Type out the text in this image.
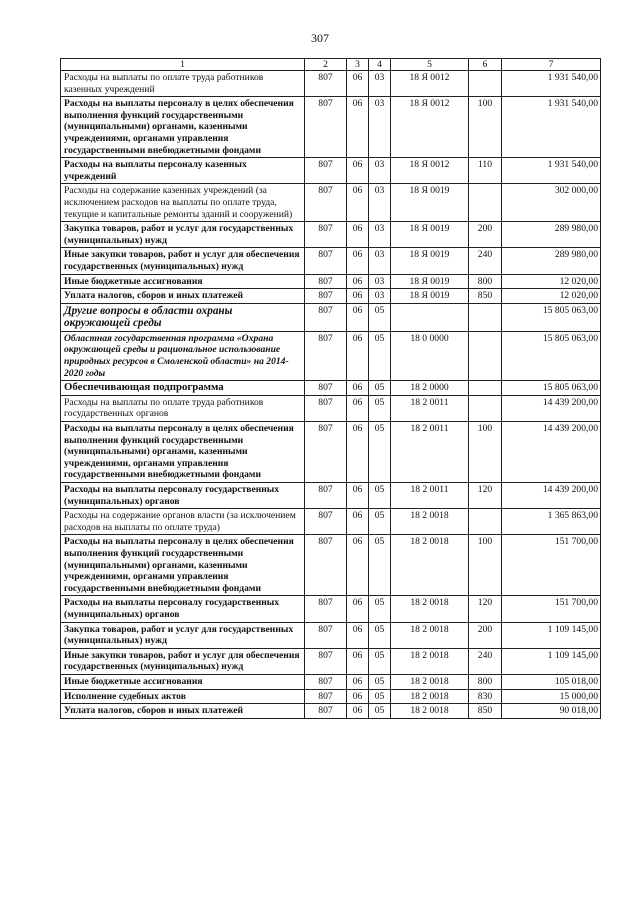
307
1	2	3	4	5	6	7
Расходы на выплаты по оплате труда работников казенных учреждений	807	06	03	18 Я 0012		1 931 540,00
Расходы на выплаты персоналу в целях обеспечения выполнения функций государственными (муниципальными) органами, казенными учреждениями, органами управления государственными внебюджетными фондами	807	06	03	18 Я 0012	100	1 931 540,00
Расходы на выплаты персоналу казенных учреждений	807	06	03	18 Я 0012	110	1 931 540,00
Расходы на содержание казенных учреждений (за исключением расходов на выплаты по оплате труда, текущие и капитальные ремонты зданий и сооружений)	807	06	03	18 Я 0019		302 000,00
Закупка товаров, работ и услуг для государственных (муниципальных) нужд	807	06	03	18 Я 0019	200	289 980,00
Иные закупки товаров, работ и услуг для обеспечения государственных (муниципальных) нужд	807	06	03	18 Я 0019	240	289 980,00
Иные бюджетные ассигнования	807	06	03	18 Я 0019	800	12 020,00
Уплата налогов, сборов и иных платежей	807	06	03	18 Я 0019	850	12 020,00
Другие вопросы в области охраны окружающей среды	807	06	05			15 805 063,00
Областная государственная программа «Охрана окружающей среды и рациональное использование природных ресурсов в Смоленской области» на 2014-2020 годы	807	06	05	18 0 0000		15 805 063,00
Обеспечивающая подпрограмма	807	06	05	18 2 0000		15 805 063,00
Расходы на выплаты по оплате труда работников государственных органов	807	06	05	18 2 0011		14 439 200,00
Расходы на выплаты персоналу в целях обеспечения выполнения функций государственными (муниципальными) органами, казенными учреждениями, органами управления государственными внебюджетными фондами	807	06	05	18 2 0011	100	14 439 200,00
Расходы на выплаты персоналу государственных (муниципальных) органов	807	06	05	18 2 0011	120	14 439 200,00
Расходы на содержание органов власти (за исключением расходов на выплаты по оплате труда)	807	06	05	18 2 0018		1 365 863,00
Расходы на выплаты персоналу в целях обеспечения выполнения функций государственными (муниципальными) органами, казенными учреждениями, органами управления государственными внебюджетными фондами	807	06	05	18 2 0018	100	151 700,00
Расходы на выплаты персоналу государственных (муниципальных) органов	807	06	05	18 2 0018	120	151 700,00
Закупка товаров, работ и услуг для государственных (муниципальных) нужд	807	06	05	18 2 0018	200	1 109 145,00
Иные закупки товаров, работ и услуг для обеспечения государственных (муниципальных) нужд	807	06	05	18 2 0018	240	1 109 145,00
Иные бюджетные ассигнования	807	06	05	18 2 0018	800	105 018,00
Исполнение судебных актов	807	06	05	18 2 0018	830	15 000,00
Уплата налогов, сборов и иных платежей	807	06	05	18 2 0018	850	90 018,00
